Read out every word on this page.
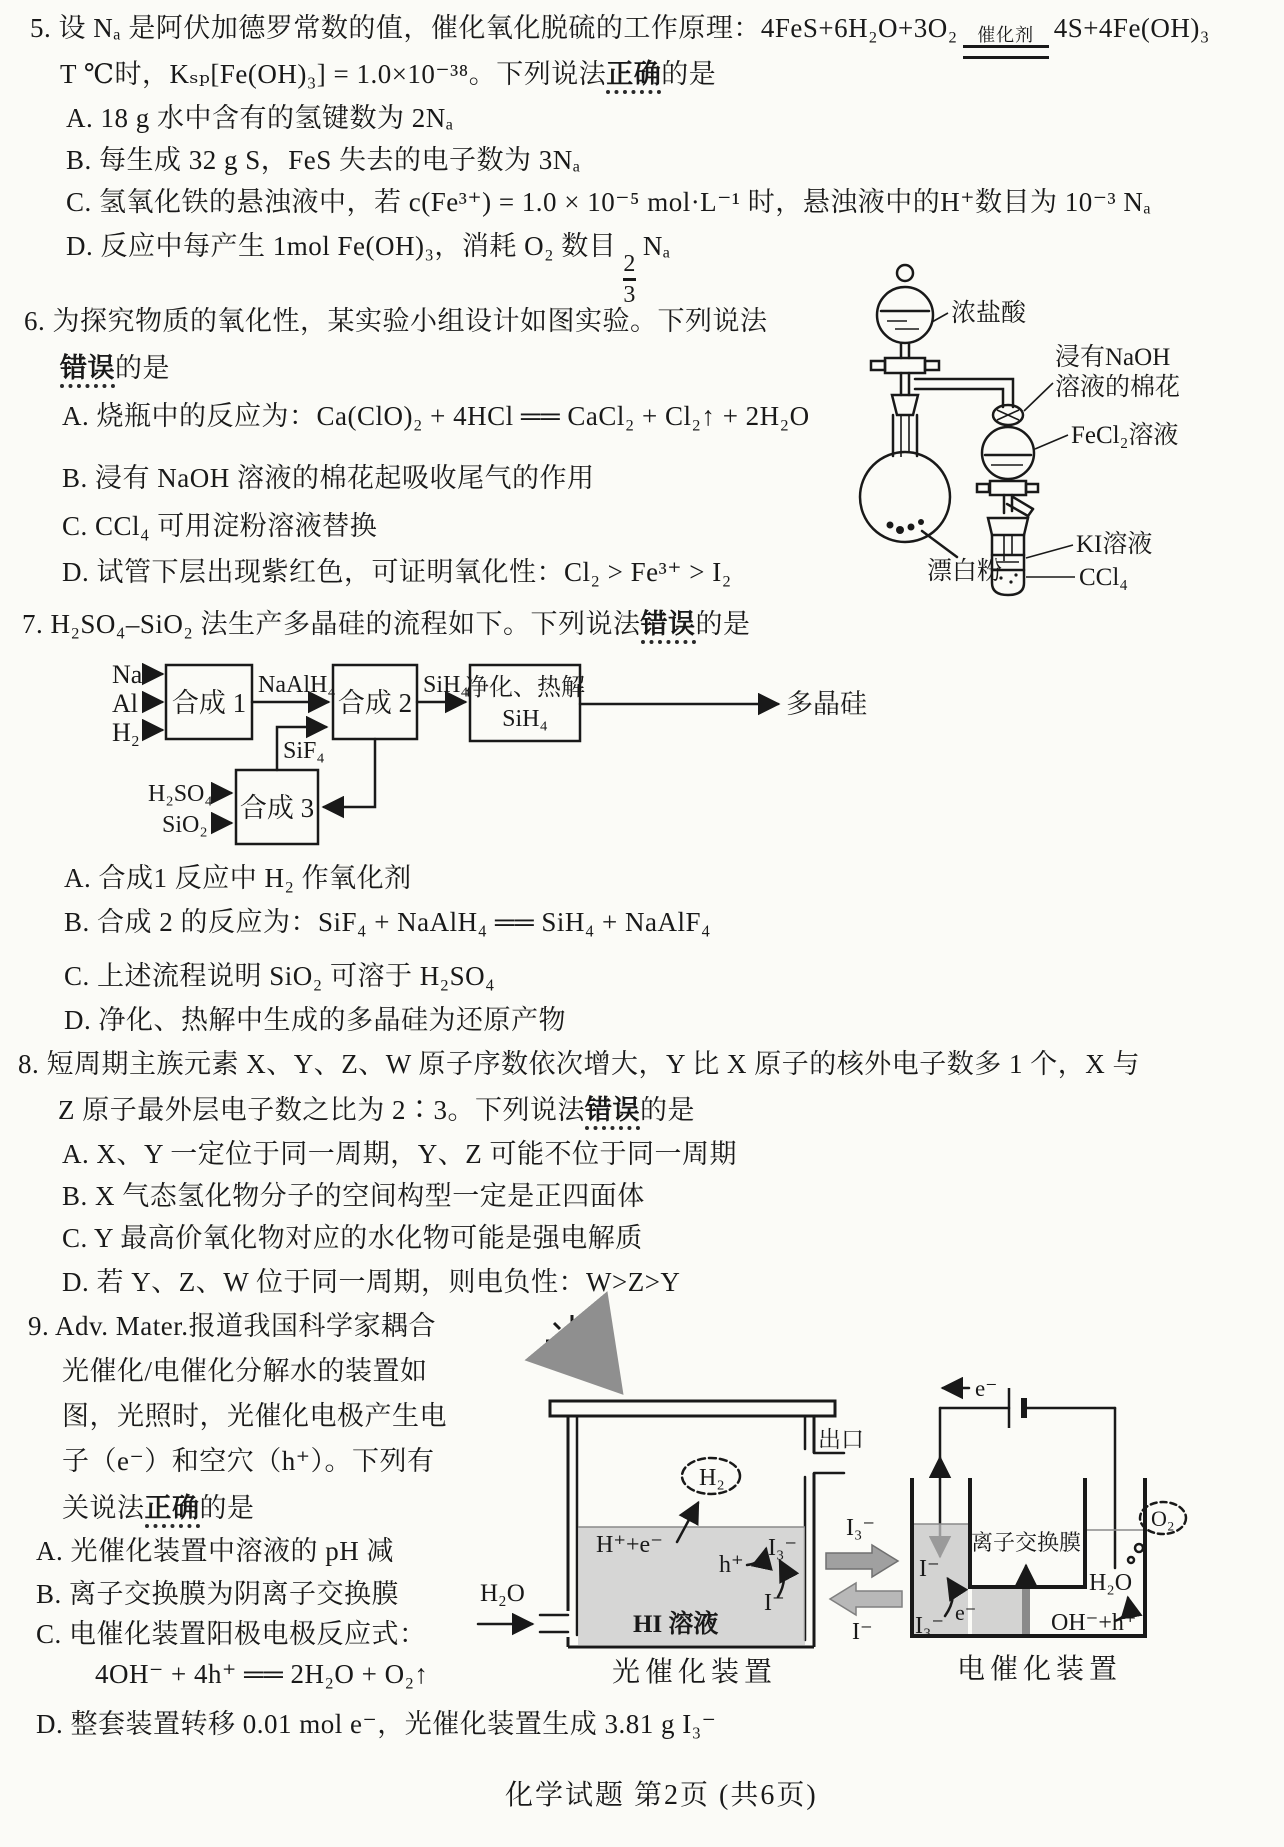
5. 设 Nₐ 是阿伏加德罗常数的值，催化氧化脱硫的工作原理：4FeS+6H₂O+3O₂ 催化剂 4S+4Fe(OH)₃
T ℃时，Kₛₚ[Fe(OH)₃] = 1.0×10⁻³⁸。下列说法正确的是
A. 18 g 水中含有的氢键数为 2Nₐ
B. 每生成 32 g S，FeS 失去的电子数为 3Nₐ
C. 氢氧化铁的悬浊液中，若 c(Fe³⁺) = 1.0 × 10⁻⁵ mol·L⁻¹ 时，悬浊液中的H⁺数目为 10⁻³ Nₐ
D. 反应中每产生 1mol Fe(OH)₃，消耗 O₂ 数目
$\frac{2}{3}$
Nₐ
6. 为探究物质的氧化性，某实验小组设计如图实验。下列说法
错误的是
A. 烧瓶中的反应为：Ca(ClO)₂ + 4HCl ══ CaCl₂ + Cl₂↑ + 2H₂O
B. 浸有 NaOH 溶液的棉花起吸收尾气的作用
C. CCl₄ 可用淀粉溶液替换
D. 试管下层出现紫红色，可证明氧化性：Cl₂ > Fe³⁺ > I₂
浓盐酸
浸有NaOH
溶液的棉花
FeCl₂溶液
KI溶液
CCl₄
漂白粉
7. H₂SO₄–SiO₂ 法生产多晶硅的流程如下。下列说法错误的是
Na
Al
H₂
合成 1
NaAlH₄
合成 2
SiH₄
净化、热解
SiH₄	多晶硅
SiF₄
合成 3
H₂SO₄
SiO₂
A. 合成1 反应中 H₂ 作氧化剂
B. 合成 2 的反应为：SiF₄ + NaAlH₄ ══ SiH₄ + NaAlF₄
C. 上述流程说明 SiO₂ 可溶于 H₂SO₄
D. 净化、热解中生成的多晶硅为还原产物
8. 短周期主族元素 X、Y、Z、W 原子序数依次增大，Y 比 X 原子的核外电子数多 1 个，X 与
Z 原子最外层电子数之比为 2∶3。下列说法错误的是
A. X、Y 一定位于同一周期，Y、Z 可能不位于同一周期
B. X 气态氢化物分子的空间构型一定是正四面体
C. Y 最高价氧化物对应的水化物可能是强电解质
D. 若 Y、Z、W 位于同一周期，则电负性：W>Z>Y
9. Adv. Mater.报道我国科学家耦合
光催化/电催化分解水的装置如
图，光照时，光催化电极产生电
子（e⁻）和空穴（h⁺）。下列有
关说法正确的是
A. 光催化装置中溶液的 pH 减
B. 离子交换膜为阴离子交换膜
C. 电催化装置阳极电极反应式：
4OH⁻ + 4h⁺ ══ 2H₂O + O₂↑
D. 整套装置转移 0.01 mol e⁻，光催化装置生成 3.81 g I₃⁻
出口
H₂
H⁺+e⁻
h⁺
I₃⁻
I⁻
HI 溶液
H₂O
光催化装置
I₃⁻
I⁻
e⁻
离子交换膜
O₂
H₂O
OH⁻+h⁺
I⁻
I₃⁻
e⁻
电催化装置
化学试题 第2页 (共6页)
